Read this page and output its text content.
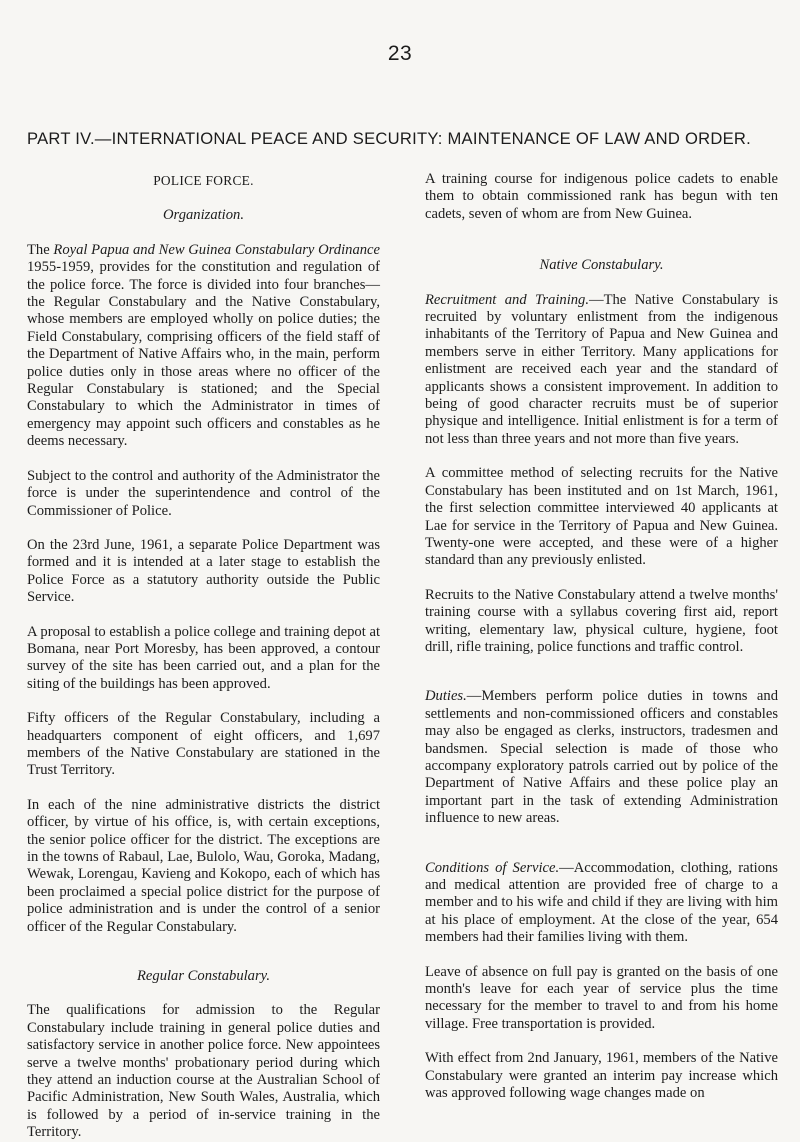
23
PART IV.—INTERNATIONAL PEACE AND SECURITY: MAINTENANCE OF LAW AND ORDER.

POLICE FORCE.

Organization.

The Royal Papua and New Guinea Constabulary Ordinance 1955-1959, provides for the constitution and regulation of the police force. The force is divided into four branches—the Regular Constabulary and the Native Constabulary, whose members are employed wholly on police duties; the Field Constabulary, comprising officers of the field staff of the Department of Native Affairs who, in the main, perform police duties only in those areas where no officer of the Regular Constabulary is stationed; and the Special Constabulary to which the Administrator in times of emergency may appoint such officers and constables as he deems necessary.

Subject to the control and authority of the Administrator the force is under the superintendence and control of the Commissioner of Police.

On the 23rd June, 1961, a separate Police Department was formed and it is intended at a later stage to establish the Police Force as a statutory authority outside the Public Service.

A proposal to establish a police college and training depot at Bomana, near Port Moresby, has been approved, a contour survey of the site has been carried out, and a plan for the siting of the buildings has been approved.

Fifty officers of the Regular Constabulary, including a headquarters component of eight officers, and 1,697 members of the Native Constabulary are stationed in the Trust Territory.

In each of the nine administrative districts the district officer, by virtue of his office, is, with certain exceptions, the senior police officer for the district. The exceptions are in the towns of Rabaul, Lae, Bulolo, Wau, Goroka, Madang, Wewak, Lorengau, Kavieng and Kokopo, each of which has been proclaimed a special police district for the purpose of police administration and is under the control of a senior officer of the Regular Constabulary.

Regular Constabulary.

The qualifications for admission to the Regular Constabulary include training in general police duties and satisfactory service in another police force. New appointees serve a twelve months' probationary period during which they attend an induction course at the Australian School of Pacific Administration, New South Wales, Australia, which is followed by a period of in-service training in the Territory.

A training course for indigenous police cadets to enable them to obtain commissioned rank has begun with ten cadets, seven of whom are from New Guinea.

Native Constabulary.

Recruitment and Training.—The Native Constabulary is recruited by voluntary enlistment from the indigenous inhabitants of the Territory of Papua and New Guinea and members serve in either Territory. Many applications for enlistment are received each year and the standard of applicants shows a consistent improvement. In addition to being of good character recruits must be of superior physique and intelligence. Initial enlistment is for a term of not less than three years and not more than five years.

A committee method of selecting recruits for the Native Constabulary has been instituted and on 1st March, 1961, the first selection committee interviewed 40 applicants at Lae for service in the Territory of Papua and New Guinea. Twenty-one were accepted, and these were of a higher standard than any previously enlisted.

Recruits to the Native Constabulary attend a twelve months' training course with a syllabus covering first aid, report writing, elementary law, physical culture, hygiene, foot drill, rifle training, police functions and traffic control.

Duties.—Members perform police duties in towns and settlements and non-commissioned officers and constables may also be engaged as clerks, instructors, tradesmen and bandsmen. Special selection is made of those who accompany exploratory patrols carried out by police of the Department of Native Affairs and these police play an important part in the task of extending Administration influence to new areas.

Conditions of Service.—Accommodation, clothing, rations and medical attention are provided free of charge to a member and to his wife and child if they are living with him at his place of employment. At the close of the year, 654 members had their families living with them.

Leave of absence on full pay is granted on the basis of one month's leave for each year of service plus the time necessary for the member to travel to and from his home village. Free transportation is provided.

With effect from 2nd January, 1961, members of the Native Constabulary were granted an interim pay increase which was approved following wage changes made on
